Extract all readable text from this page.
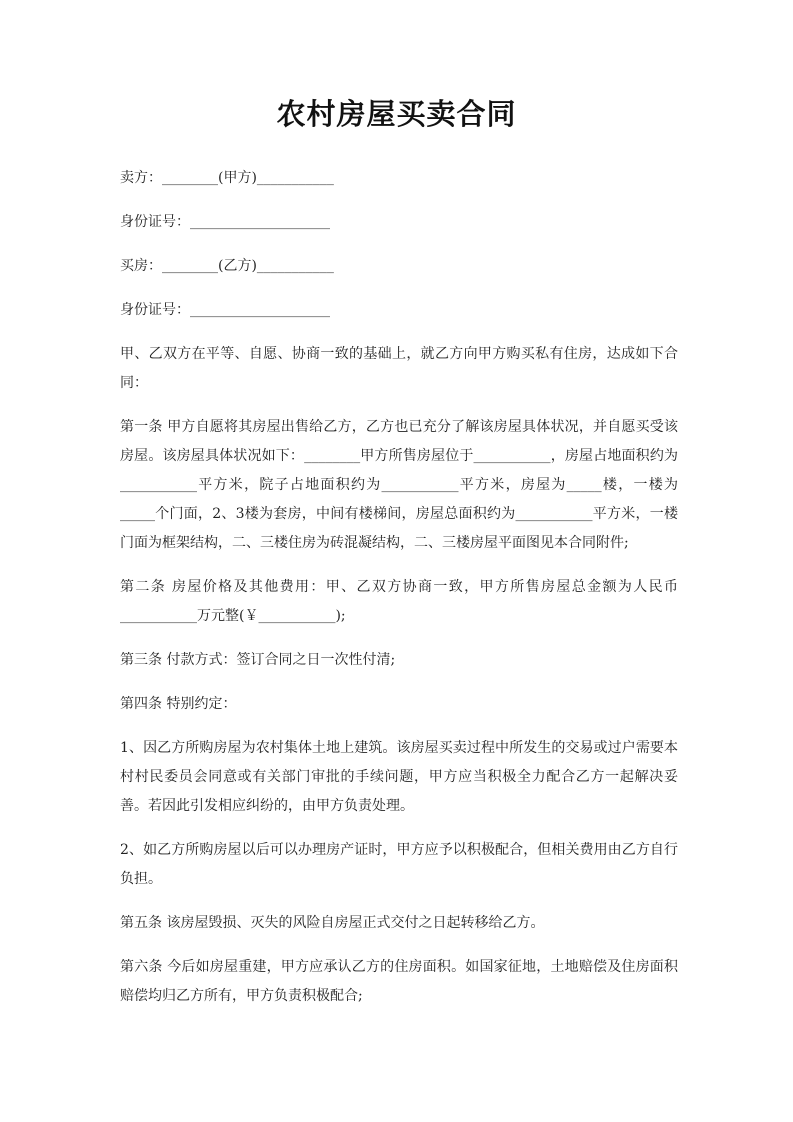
农村房屋买卖合同

卖方：________(甲方)___________

身份证号：____________________

买房：________(乙方)___________

身份证号：____________________

甲、乙双方在平等、自愿、协商一致的基础上，就乙方向甲方购买私有住房，达成如下合同：

第一条 甲方自愿将其房屋出售给乙方，乙方也已充分了解该房屋具体状况，并自愿买受该房屋。该房屋具体状况如下：________甲方所售房屋位于___________，房屋占地面积约为___________平方米，院子占地面积约为___________平方米，房屋为_____楼，一楼为_____个门面，2、3楼为套房，中间有楼梯间，房屋总面积约为___________平方米，一楼门面为框架结构，二、三楼住房为砖混凝结构，二、三楼房屋平面图见本合同附件;

第二条 房屋价格及其他费用：甲、乙双方协商一致，甲方所售房屋总金额为人民币___________万元整(￥___________);

第三条 付款方式：签订合同之日一次性付清;

第四条 特别约定：

1、因乙方所购房屋为农村集体土地上建筑。该房屋买卖过程中所发生的交易或过户需要本村村民委员会同意或有关部门审批的手续问题，甲方应当积极全力配合乙方一起解决妥善。若因此引发相应纠纷的，由甲方负责处理。

2、如乙方所购房屋以后可以办理房产证时，甲方应予以积极配合，但相关费用由乙方自行负担。

第五条 该房屋毁损、灭失的风险自房屋正式交付之日起转移给乙方。

第六条 今后如房屋重建，甲方应承认乙方的住房面积。如国家征地，土地赔偿及住房面积赔偿均归乙方所有，甲方负责积极配合;
